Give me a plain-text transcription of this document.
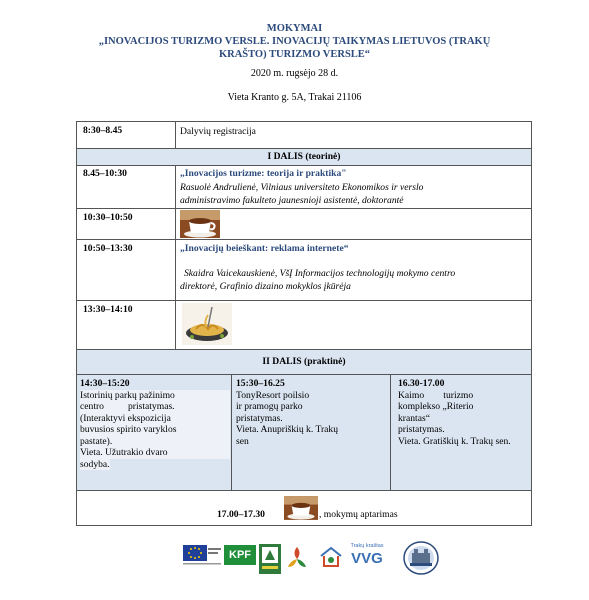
MOKYMAI
„INOVACIJOS TURIZMO VERSLE. INOVACIJŲ TAIKYMAS LIETUVOS (TRAKŲ
KRAŠTO) TURIZMO VERSLE“
2020 m. rugsėjo 28 d.
Vieta Kranto g. 5A, Trakai 21106
8:30–8.45	Dalyvių registracija
I DALIS (teorinė)
8.45–10:30	„Inovacijos turizme: teorija ir praktika"
Rasuolė Andrulienė, Vilniaus universiteto Ekonomikos ir verslo
administravimo fakulteto jaunesnioji asistentė, doktorantė
10:30–10:50
10:50–13:30	„Inovacijų beieškant: reklama internete“
Skaidra Vaicekauskienė, VšĮ Informacijos technologijų mokymo centro
direktorė, Grafinio dizaino mokyklos įkūrėja
13:30–14:10
II DALIS (praktinė)
14:30–15:20
Istorinių parkų pažinimo
centro          pristatymas.
(Interaktyvi ekspozicija
buvusios spirito varyklos
pastate).
Vieta. Užutrakio dvaro
sodyba.
15:30–16.25
TonyResort poilsio
ir pramogų parko
pristatymas.
Vieta. Anupriškių k. Trakų
sen
16.30-17.00
Kaimo        turizmo
komplekso „Riterio
krantas“
pristatymas.
Vieta. Gratiškių k. Trakų sen.
17.00–17.30	, mokymų aptarimas
KPF
Trakų kraštas
VVG
